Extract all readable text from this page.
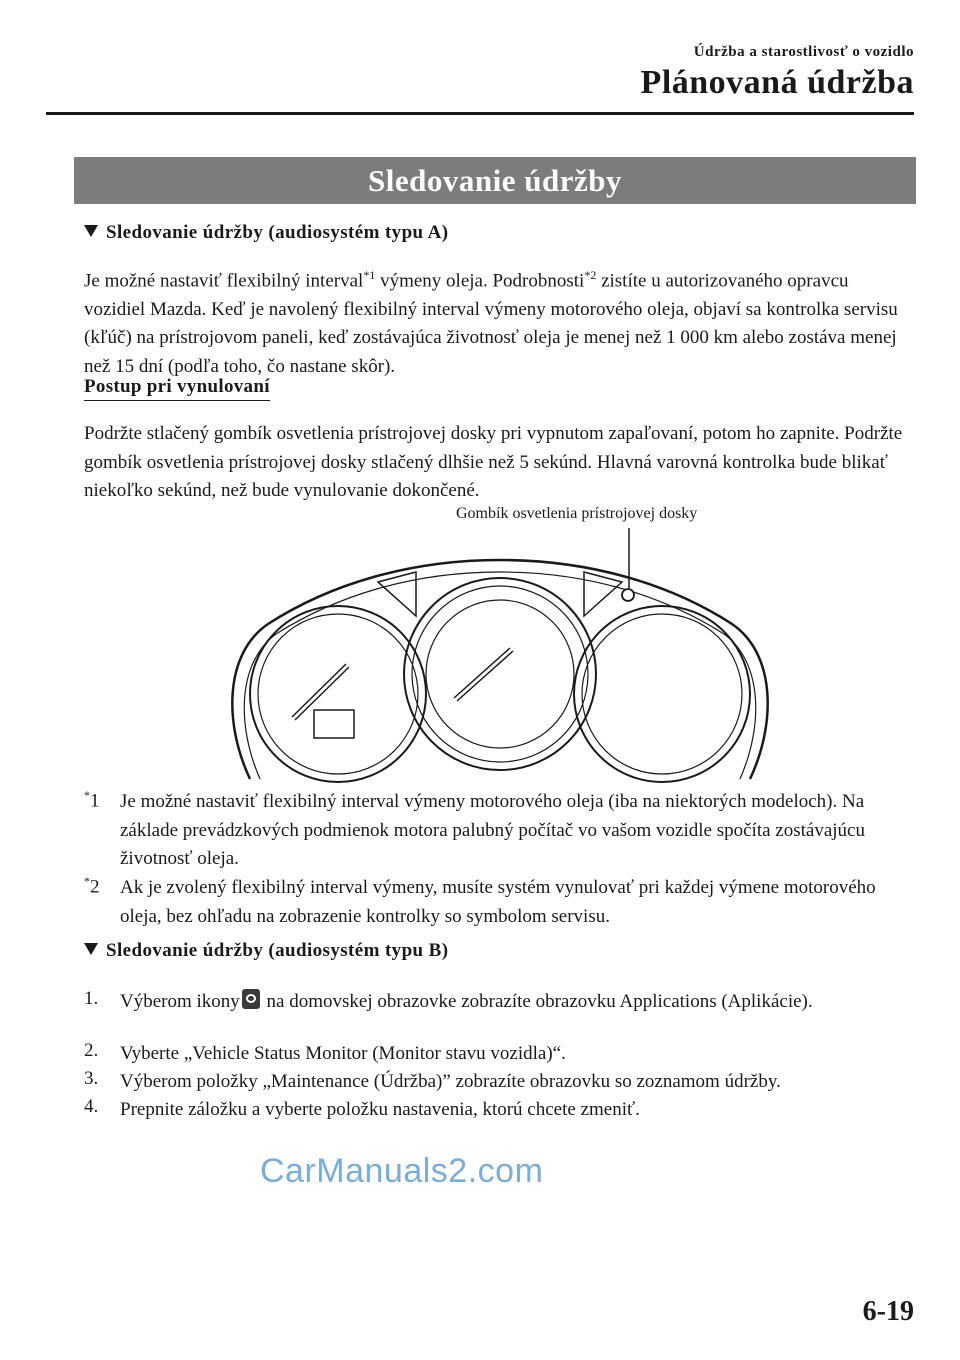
Údržba a starostlivosť o vozidlo
Plánovaná údržba
Sledovanie údržby
Sledovanie údržby (audiosystém typu A)
Je možné nastaviť flexibilný interval$^{*1}$ výmeny oleja. Podrobnosti$^{*2}$ zistíte u autorizovaného opravcu vozidiel Mazda. Keď je navolený flexibilný interval výmeny motorového oleja, objaví sa kontrolka servisu (kľúč) na prístrojovom paneli, keď zostávajúca životnosť oleja je menej než 1 000 km alebo zostáva menej než 15 dní (podľa toho, čo nastane skôr).
Postup pri vynulovaní
Podržte stlačený gombík osvetlenia prístrojovej dosky pri vypnutom zapaľovaní, potom ho zapnite. Podržte gombík osvetlenia prístrojovej dosky stlačený dlhšie než 5 sekúnd. Hlavná varovná kontrolka bude blikať niekoľko sekúnd, než bude vynulovanie dokončené.
Gombík osvetlenia prístrojovej dosky
*1 Je možné nastaviť flexibilný interval výmeny motorového oleja (iba na niektorých modeloch). Na základe prevádzkových podmienok motora palubný počítač vo vašom vozidle spočíta zostávajúcu životnosť oleja.
*2 Ak je zvolený flexibilný interval výmeny, musíte systém vynulovať pri každej výmene motorového oleja, bez ohľadu na zobrazenie kontrolky so symbolom servisu.
Sledovanie údržby (audiosystém typu B)
1. Výberom ikony na domovskej obrazovke zobrazíte obrazovku Applications (Aplikácie).
2. Vyberte „Vehicle Status Monitor (Monitor stavu vozidla)“.
3. Výberom položky „Maintenance (Údržba)” zobrazíte obrazovku so zoznamom údržby.
4. Prepnite záložku a vyberte položku nastavenia, ktorú chcete zmeniť.
CarManuals2.com
6-19
